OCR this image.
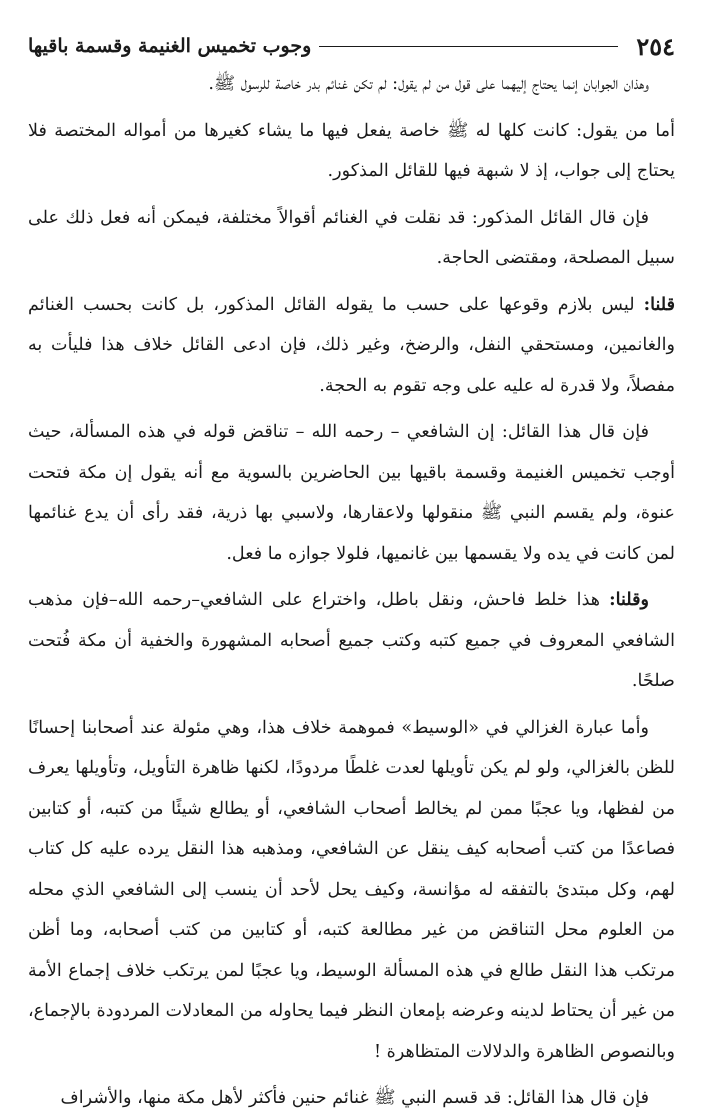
٢٥٤
وجوب تخميس الغنيمة وقسمة باقيها

وهذان الجوابان إنما يحتاج إليهما على قول من لم يقول: لم تكن غنائم بدر خاصة للرسول ﷺ.

أما من يقول: كانت كلها له ﷺ خاصة يفعل فيها ما يشاء كغيرها من أمواله المختصة فلا يحتاج إلى جواب، إذ لا شبهة فيها للقائل المذكور.

فإن قال القائل المذكور: قد نقلت في الغنائم أقوالاً مختلفة، فيمكن أنه فعل ذلك على سبيل المصلحة، ومقتضى الحاجة.

قلنا: ليس بلازم وقوعها على حسب ما يقوله القائل المذكور، بل كانت بحسب الغنائم والغانمين، ومستحقي النفل، والرضخ، وغير ذلك، فإن ادعى القائل خلاف هذا فليأت به مفصلاً، ولا قدرة له عليه على وجه تقوم به الحجة.

فإن قال هذا القائل: إن الشافعي – رحمه الله – تناقض قوله في هذه المسألة، حيث أوجب تخميس الغنيمة وقسمة باقيها بين الحاضرين بالسوية مع أنه يقول إن مكة فتحت عنوة، ولم يقسم النبي ﷺ منقولها ولاعقارها، ولاسبي بها ذرية، فقد رأى أن يدع غنائمها لمن كانت في يده ولا يقسمها بين غانميها، فلولا جوازه ما فعل.

وقلنا: هذا خلط فاحش، ونقل باطل، واختراع على الشافعي–رحمه الله–فإن مذهب الشافعي المعروف في جميع كتبه وكتب جميع أصحابه المشهورة والخفية أن مكة فُتحت صلحًا.

وأما عبارة الغزالي في «الوسيط» فموهمة خلاف هذا، وهي مئولة عند أصحابنا إحسانًا للظن بالغزالي، ولو لم يكن تأويلها لعدت غلطًا مردودًا، لكنها ظاهرة التأويل، وتأويلها يعرف من لفظها، ويا عجبًا ممن لم يخالط أصحاب الشافعي، أو يطالع شيئًا من كتبه، أو كتابين فصاعدًا من كتب أصحابه كيف ينقل عن الشافعي، ومذهبه هذا النقل يرده عليه كل كتاب لهم، وكل مبتدئ بالتفقه له مؤانسة، وكيف يحل لأحد أن ينسب إلى الشافعي الذي محله من العلوم محل التناقض من غير مطالعة كتبه، أو كتابين من كتب أصحابه، وما أظن مرتكب هذا النقل طالع في هذه المسألة الوسيط، ويا عجبًا لمن يرتكب خلاف إجماع الأمة من غير أن يحتاط لدينه وعرضه بإمعان النظر فيما يحاوله من المعادلات المردودة بالإجماع، وبالنصوص الظاهرة والدلالات المتظاهرة !

فإن قال هذا القائل: قد قسم النبي ﷺ غنائم حنين فأكثر لأهل مكة منها، والأشراف
